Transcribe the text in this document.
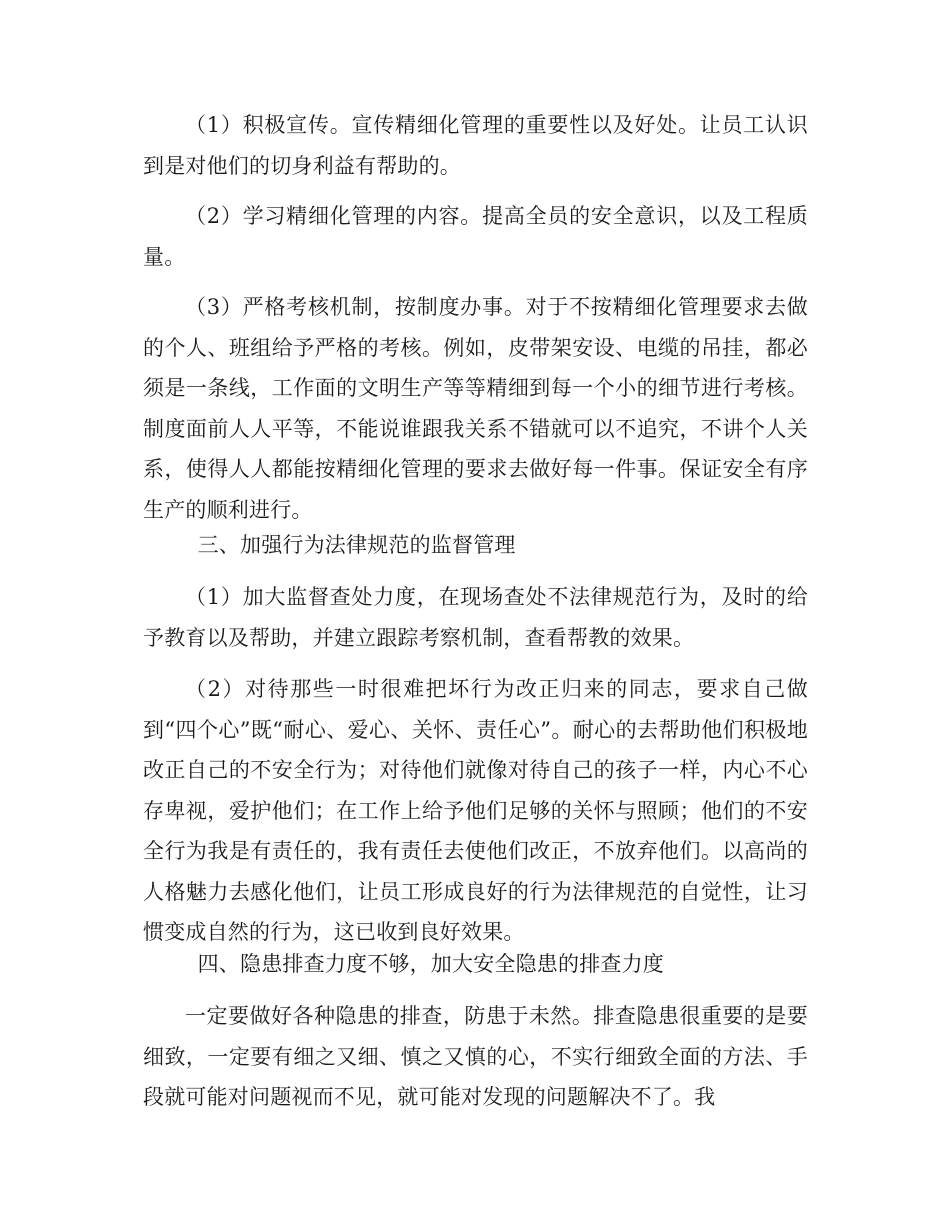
（1）积极宣传。宣传精细化管理的重要性以及好处。让员工认识到是对他们的切身利益有帮助的。

（2）学习精细化管理的内容。提高全员的安全意识，以及工程质量。

（3）严格考核机制，按制度办事。对于不按精细化管理要求去做的个人、班组给予严格的考核。例如，皮带架安设、电缆的吊挂，都必须是一条线，工作面的文明生产等等精细到每一个小的细节进行考核。制度面前人人平等，不能说谁跟我关系不错就可以不追究，不讲个人关系，使得人人都能按精细化管理的要求去做好每一件事。保证安全有序生产的顺利进行。

三、加强行为法律规范的监督管理

（1）加大监督查处力度，在现场查处不法律规范行为，及时的给予教育以及帮助，并建立跟踪考察机制，查看帮教的效果。

（2）对待那些一时很难把坏行为改正归来的同志，要求自己做到“四个心”既“耐心、爱心、关怀、责任心”。耐心的去帮助他们积极地改正自己的不安全行为；对待他们就像对待自己的孩子一样，内心不心存卑视，爱护他们；在工作上给予他们足够的关怀与照顾；他们的不安全行为我是有责任的，我有责任去使他们改正，不放弃他们。以高尚的人格魅力去感化他们，让员工形成良好的行为法律规范的自觉性，让习惯变成自然的行为，这已收到良好效果。

四、隐患排查力度不够，加大安全隐患的排查力度

一定要做好各种隐患的排查，防患于未然。排查隐患很重要的是要细致，一定要有细之又细、慎之又慎的心，不实行细致全面的方法、手段就可能对问题视而不见，就可能对发现的问题解决不了。我
